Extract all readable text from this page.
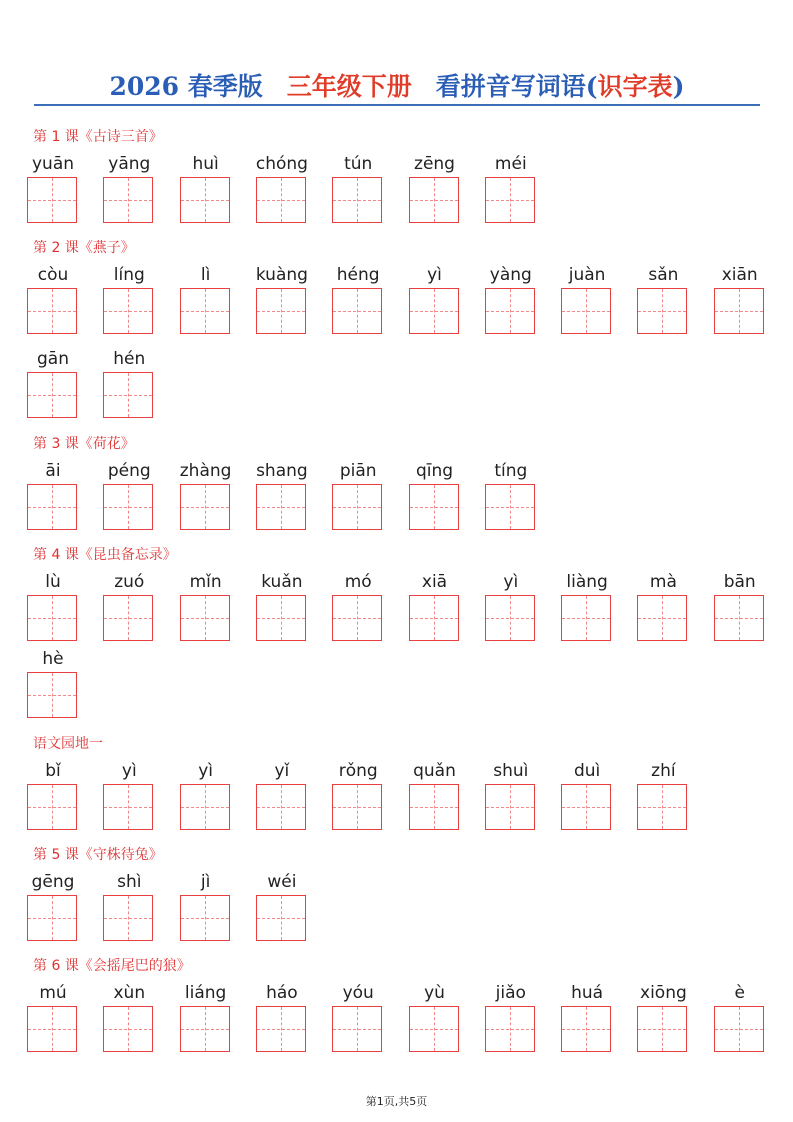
2026 春季版 三年级下册 看拼音写词语(识字表)
第 1 课《古诗三首》
yuān	yāng	huì	chóng	tún	zēng	méi
第 2 课《燕子》
còu	líng	lì	kuàng	héng	yì	yàng	juàn	sǎn	xiān
gān	hén
第 3 课《荷花》
āi	péng	zhàng	shang	piān	qīng	tíng
第 4 课《昆虫备忘录》
lù	zuó	mǐn	kuǎn	mó	xiā	yì	liàng	mà	bān
hè
语文园地一
bǐ	yì	yì	yǐ	rǒng	quǎn	shuì	duì	zhí
第 5 课《守株待兔》
gēng	shì	jì	wéi
第 6 课《会摇尾巴的狼》
mú	xùn	liáng	háo	yóu	yù	jiǎo	huá	xiōng	è
第1页,共5页
